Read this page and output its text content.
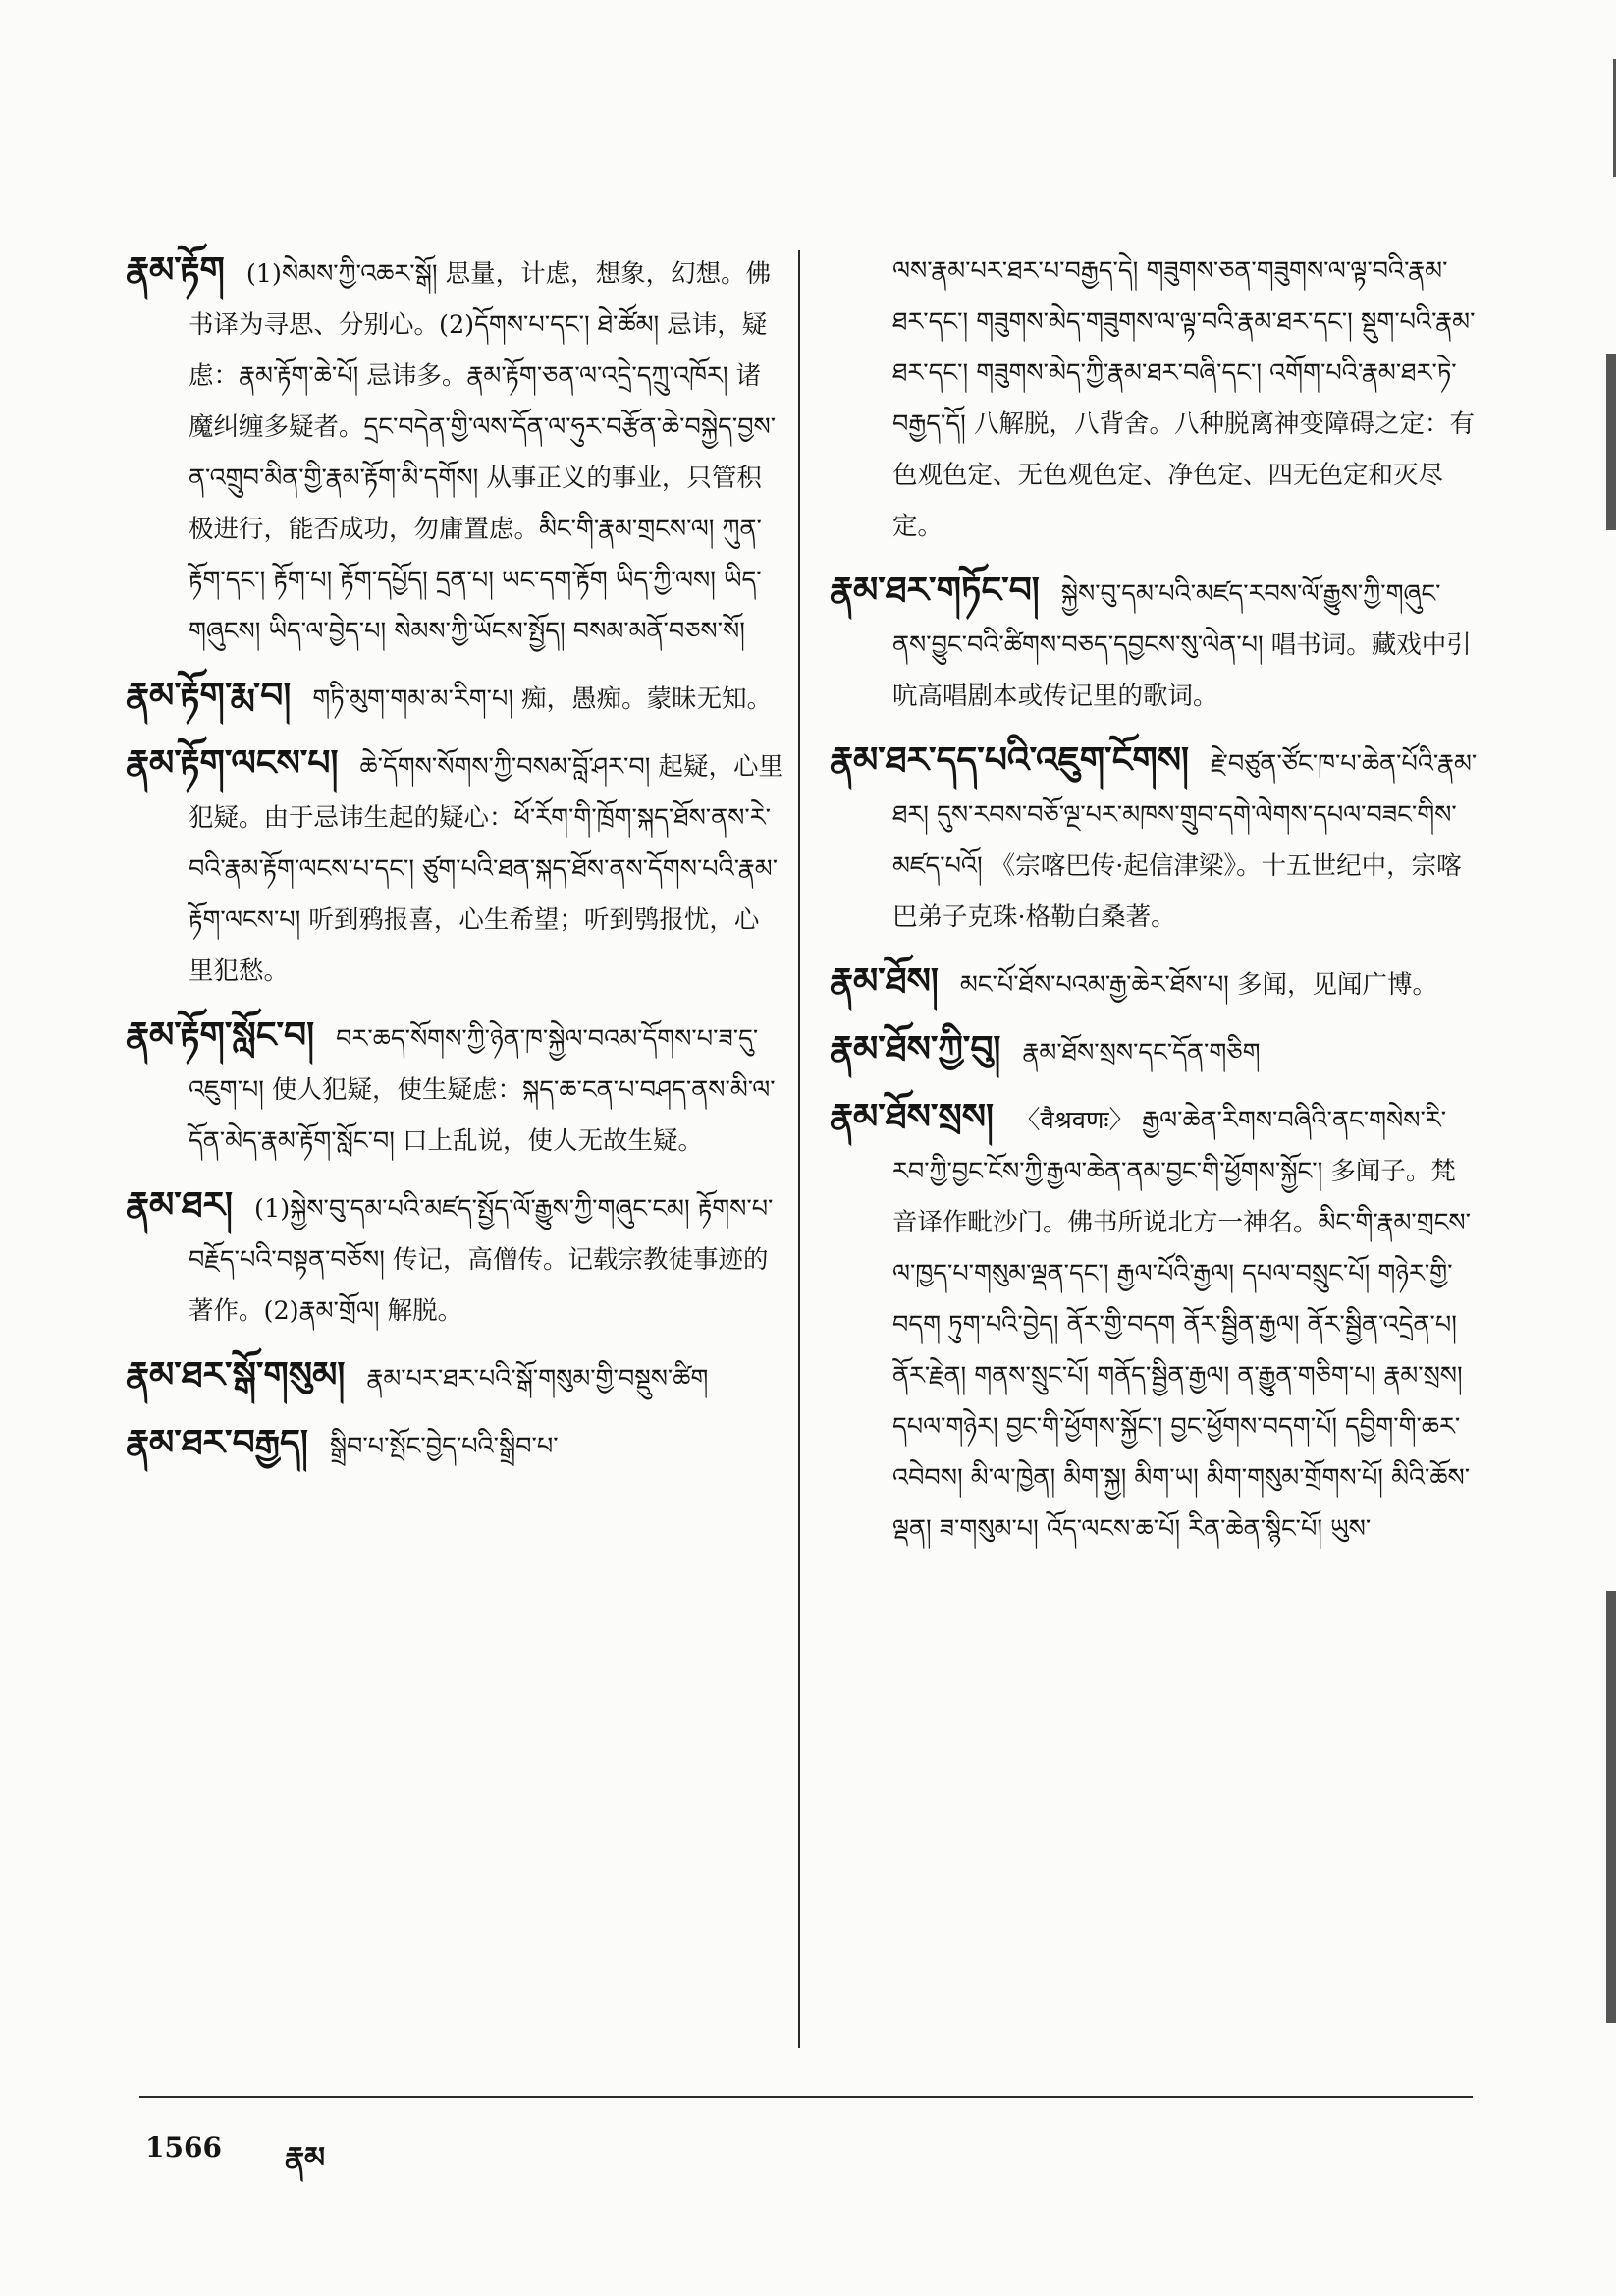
རྣམ་རྟོག (1)སེམས་ཀྱི་འཆར་སྒོ། 思量，计虑，想象，幻想。佛书译为寻思、分别心。(2)དོགས་པ་དང་། ཐེ་ཚོམ། 忌讳，疑虑：རྣམ་རྟོག་ཆེ་པོ། 忌讳多。རྣམ་རྟོག་ཅན་ལ་འདྲེ་དཀྲུ་འཁོར། 诸魔纠缠多疑者。དྲང་བདེན་གྱི་ལས་དོན་ལ་ཧུར་བརྩོན་ཆེ་བསྐྱེད་བྱས་ན་འགྲུབ་མིན་གྱི་རྣམ་རྟོག་མི་དགོས། 从事正义的事业，只管积极进行，能否成功，勿庸置虑。མིང་གི་རྣམ་གྲངས་ལ། ཀུན་རྟོག་དང་། རྟོག་པ། རྟོག་དཔྱོད། དྲན་པ། ཡང་དག་རྟོག ཡིད་ཀྱི་ལས། ཡིད་གཞུངས། ཡིད་ལ་བྱེད་པ། སེམས་ཀྱི་ཡོངས་སྤྱོད། བསམ་མནོ་བཅས་སོ།
རྣམ་རྟོག་རྨ་བ། གཏི་མུག་གམ་མ་རིག་པ། 痴，愚痴。蒙昧无知。
རྣམ་རྟོག་ལངས་པ། ཆེ་དོགས་སོགས་ཀྱི་བསམ་བློ་ཤར་བ། 起疑，心里犯疑。由于忌讳生起的疑心：ཕོ་རོག་གི་ཁྲོག་སྐད་ཐོས་ནས་རེ་བའི་རྣམ་རྟོག་ལངས་པ་དང་། ཙུག་པའི་ཐན་སྐད་ཐོས་ནས་དོགས་པའི་རྣམ་རྟོག་ལངས་པ། 听到鸦报喜，心生希望；听到鸮报忧，心里犯愁。
རྣམ་རྟོག་སློང་བ། བར་ཆད་སོགས་ཀྱི་ཉེན་ཁ་སྐྱེལ་བའམ་དོགས་པ་ཟ་དུ་འཇུག་པ། 使人犯疑，使生疑虑：སྐད་ཆ་ངན་པ་བཤད་ནས་མི་ལ་དོན་མེད་རྣམ་རྟོག་སློང་བ། 口上乱说，使人无故生疑。
རྣམ་ཐར། (1)སྐྱེས་བུ་དམ་པའི་མཛད་སྤྱོད་ལོ་རྒྱུས་ཀྱི་གཞུང་ངམ། རྟོགས་པ་བརྗོད་པའི་བསྟན་བཅོས། 传记，高僧传。记载宗教徒事迹的著作。(2)རྣམ་གྲོལ། 解脱。
རྣམ་ཐར་སྒོ་གསུམ། རྣམ་པར་ཐར་པའི་སྒོ་གསུམ་གྱི་བསྡུས་ཚིག
རྣམ་ཐར་བརྒྱད། སྒྲིབ་པ་སྤོང་བྱེད་པའི་སྒྲིབ་པ་
ལས་རྣམ་པར་ཐར་པ་བརྒྱད་དེ། གཟུགས་ཅན་གཟུགས་ལ་ལྟ་བའི་རྣམ་ཐར་དང་། གཟུགས་མེད་གཟུགས་ལ་ལྟ་བའི་རྣམ་ཐར་དང་། སྡུག་པའི་རྣམ་ཐར་དང་། གཟུགས་མེད་ཀྱི་རྣམ་ཐར་བཞི་དང་། འགོག་པའི་རྣམ་ཐར་ཏེ་བརྒྱད་དོ། 八解脱，八背舍。八种脱离神变障碍之定：有色观色定、无色观色定、净色定、四无色定和灭尽定。
རྣམ་ཐར་གཏོང་བ། སྐྱེས་བུ་དམ་པའི་མཛད་རབས་ལོ་རྒྱུས་ཀྱི་གཞུང་ནས་བྱུང་བའི་ཚིགས་བཅད་དབྱངས་སུ་ལེན་པ། 唱书词。藏戏中引吭高唱剧本或传记里的歌词。
རྣམ་ཐར་དད་པའི་འཇུག་ངོགས། རྗེ་བཙུན་ཙོང་ཁ་པ་ཆེན་པོའི་རྣམ་ཐར། དུས་རབས་བཅོ་ལྔ་པར་མཁས་གྲུབ་དགེ་ལེགས་དཔལ་བཟང་གིས་མཛད་པའོ། 《宗喀巴传·起信津梁》。十五世纪中，宗喀巴弟子克珠·格勒白桑著。
རྣམ་ཐོས། མང་པོ་ཐོས་པའམ་རྒྱ་ཆེར་ཐོས་པ། 多闻，见闻广博。
རྣམ་ཐོས་ཀྱི་བུ། རྣམ་ཐོས་སྲས་དང་དོན་གཅིག
རྣམ་ཐོས་སྲས། 〈वैश्रवणः〉 རྒྱལ་ཆེན་རིགས་བཞིའི་ནང་གསེས་རི་རབ་ཀྱི་བྱང་ངོས་ཀྱི་རྒྱལ་ཆེན་ནམ་བྱང་གི་ཕྱོགས་སྐྱོང་། 多闻子。梵音译作毗沙门。佛书所说北方一神名。མིང་གི་རྣམ་གྲངས་ལ་ཁྱད་པ་གསུམ་ལྡན་དང་། རྒྱལ་པོའི་རྒྱལ། དཔལ་བསྲུང་པོ། གཉེར་གྱི་བདག ཏུག་པའི་བྱེད། ནོར་གྱི་བདག ནོར་སྦྱིན་རྒྱལ། ནོར་སྦྱིན་འདྲེན་པ། ནོར་རྗེན། གནས་སྲུང་པོ། གནོད་སྦྱིན་རྒྱལ། ན་རྒྱུན་གཅིག་པ། རྣམ་སྲས། དཔལ་གཉེར། བྱང་གི་ཕྱོགས་སྐྱོང་། བྱང་ཕྱོགས་བདག་པོ། དབྱིག་གི་ཆར་འབེབས། མི་ལ་ཁྱེན། མིག་སྐྱ། མིག་ཡ། མིག་གསུམ་གྲོགས་པོ། མིའི་ཆོས་ལྡན། ཟ་གསུམ་པ། འོད་ལངས་ཆ་པོ། རིན་ཆེན་སྙིང་པོ། ཡུས་
1566 རྣམ
